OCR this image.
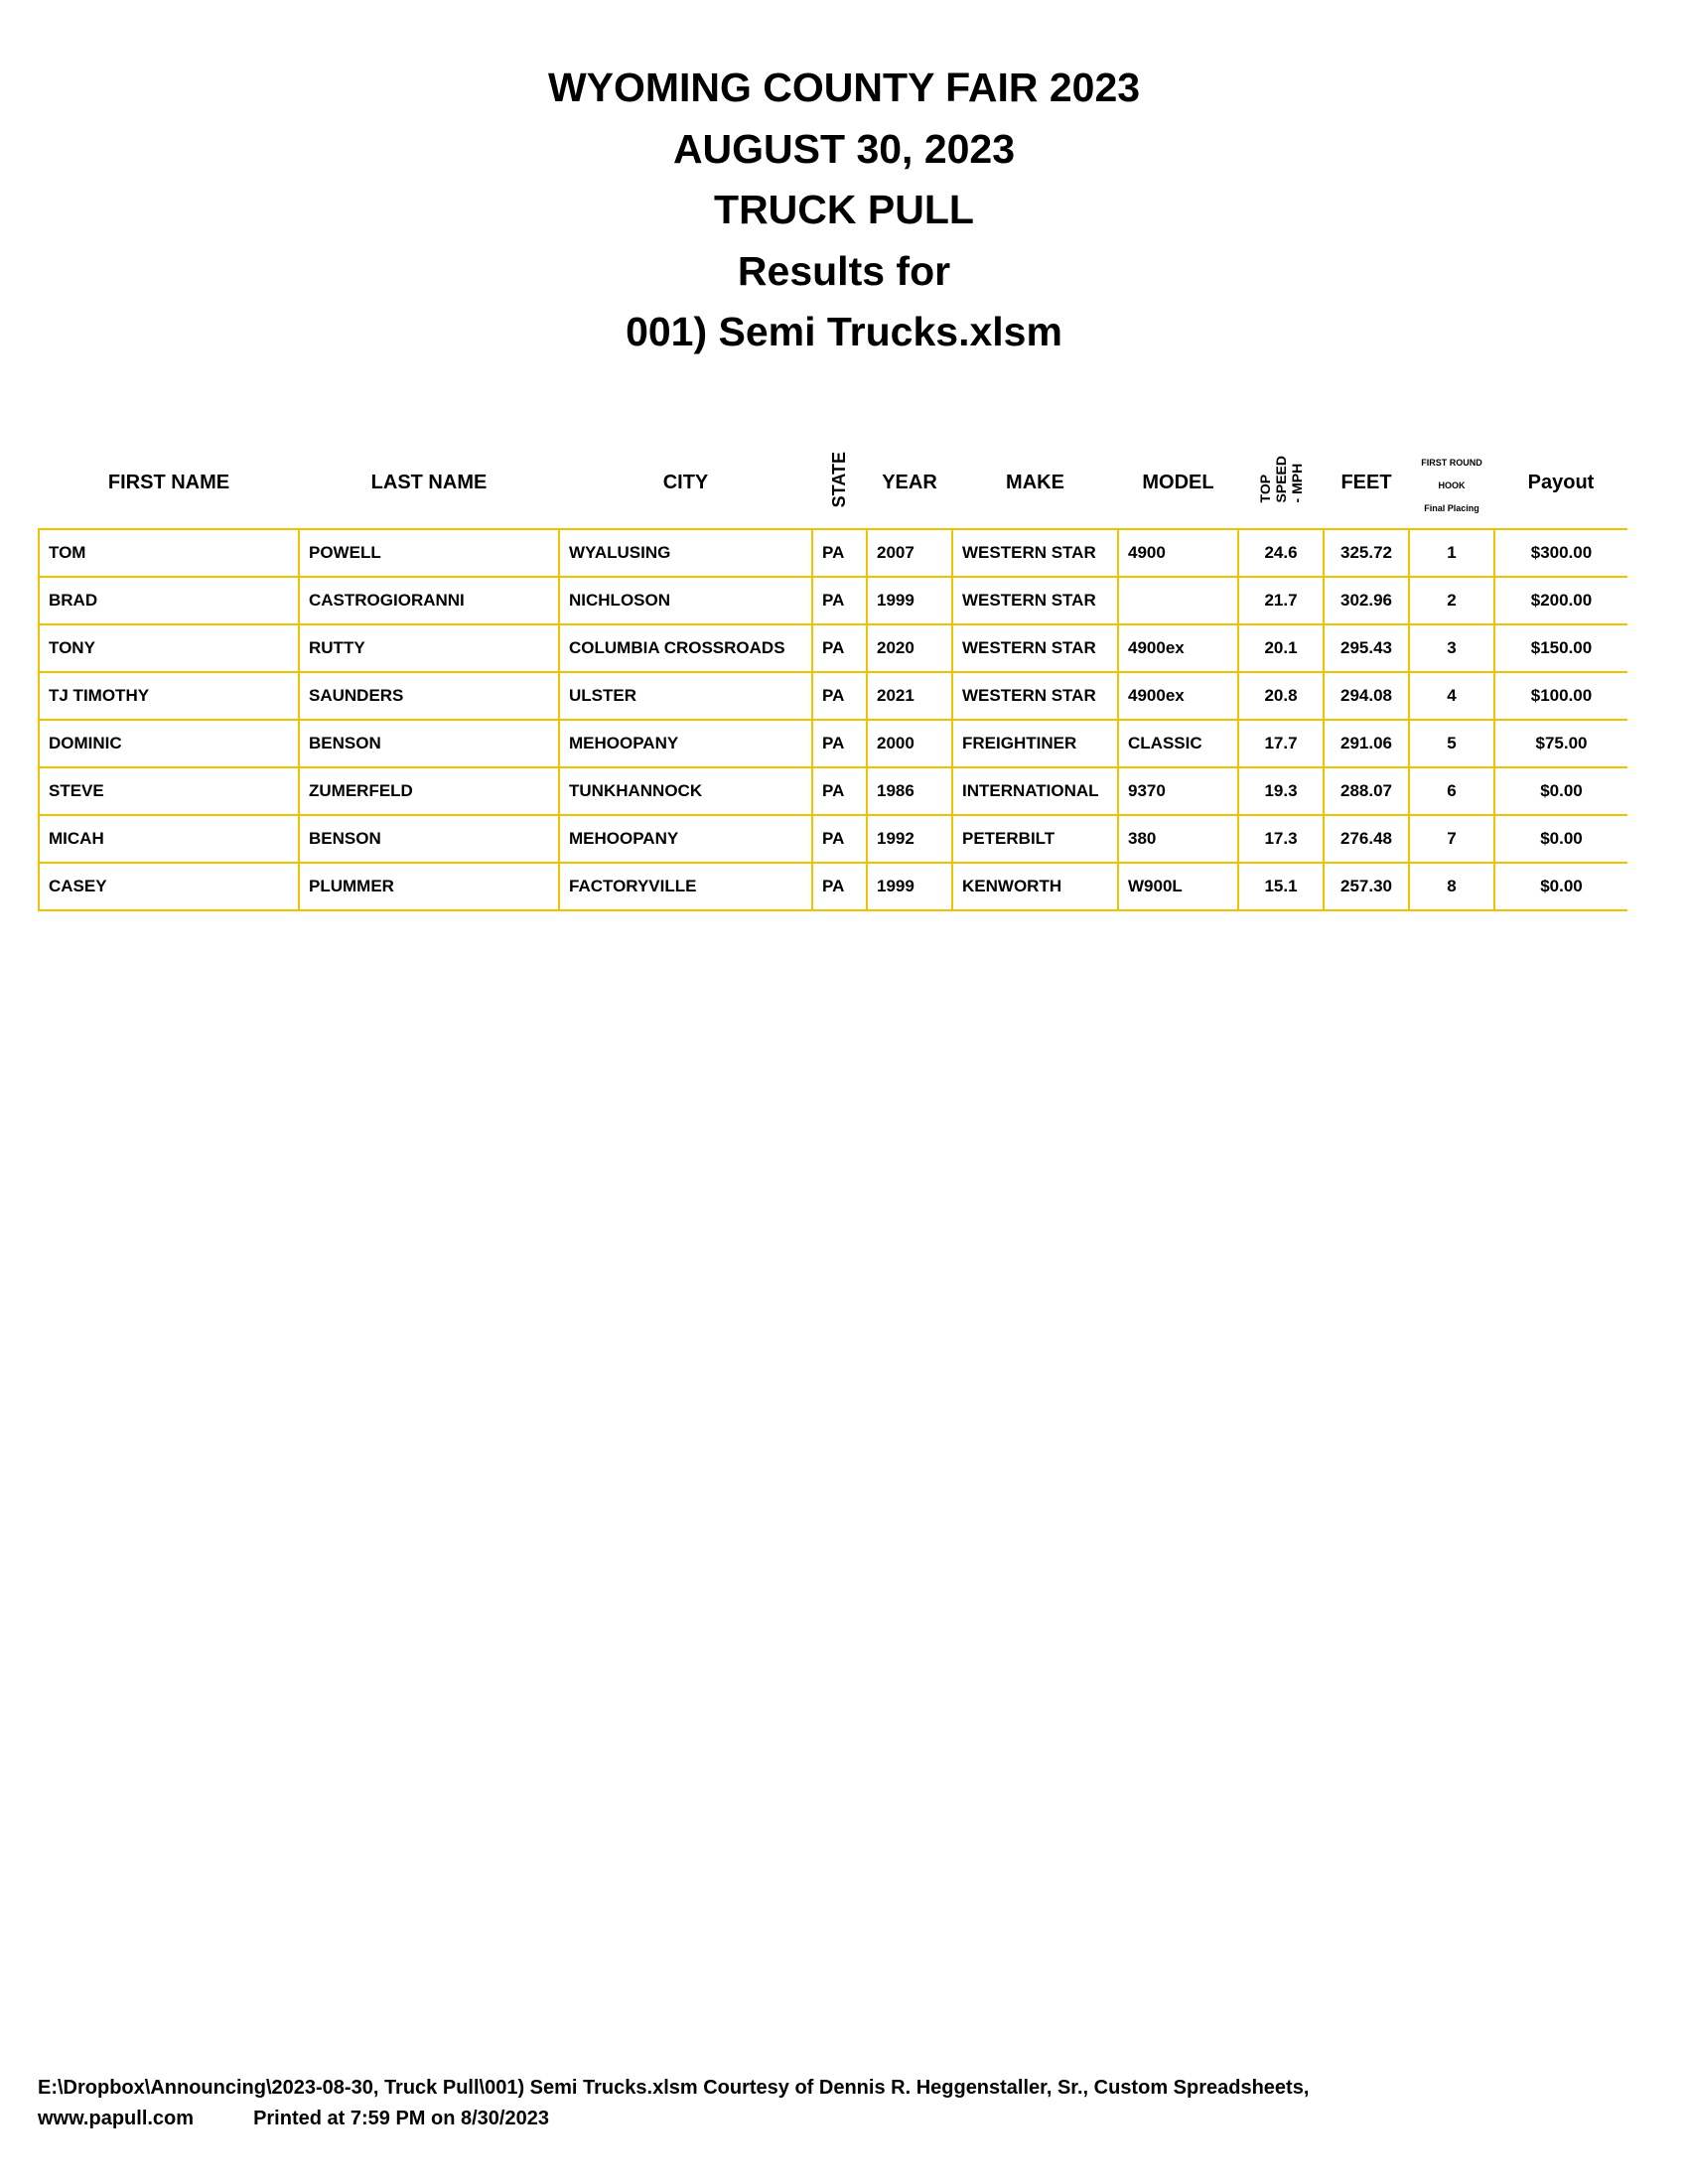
WYOMING COUNTY FAIR 2023

AUGUST 30, 2023

TRUCK PULL

Results for

001) Semi Trucks.xlsm

FIRST NAME	LAST NAME	CITY	STATE	YEAR	MAKE	MODEL	TOP
SPEED
- MPH	FEET	FIRST ROUND
HOOK
Final Placing	Payout
TOM	POWELL	WYALUSING	PA	2007	WESTERN STAR	4900	24.6	325.72	1	$300.00
BRAD	CASTROGIORANNI	NICHLOSON	PA	1999	WESTERN STAR		21.7	302.96	2	$200.00
TONY	RUTTY	COLUMBIA CROSSROADS	PA	2020	WESTERN STAR	4900ex	20.1	295.43	3	$150.00
TJ TIMOTHY	SAUNDERS	ULSTER	PA	2021	WESTERN STAR	4900ex	20.8	294.08	4	$100.00
DOMINIC	BENSON	MEHOOPANY	PA	2000	FREIGHTINER	CLASSIC	17.7	291.06	5	$75.00
STEVE	ZUMERFELD	TUNKHANNOCK	PA	1986	INTERNATIONAL	9370	19.3	288.07	6	$0.00
MICAH	BENSON	MEHOOPANY	PA	1992	PETERBILT	380	17.3	276.48	7	$0.00
CASEY	PLUMMER	FACTORYVILLE	PA	1999	KENWORTH	W900L	15.1	257.30	8	$0.00
E:\Dropbox\Announcing\2023-08-30, Truck Pull\001) Semi Trucks.xlsm Courtesy of Dennis R. Heggenstaller, Sr., Custom Spreadsheets,
www.papull.com	Printed at 7:59 PM on 8/30/2023
